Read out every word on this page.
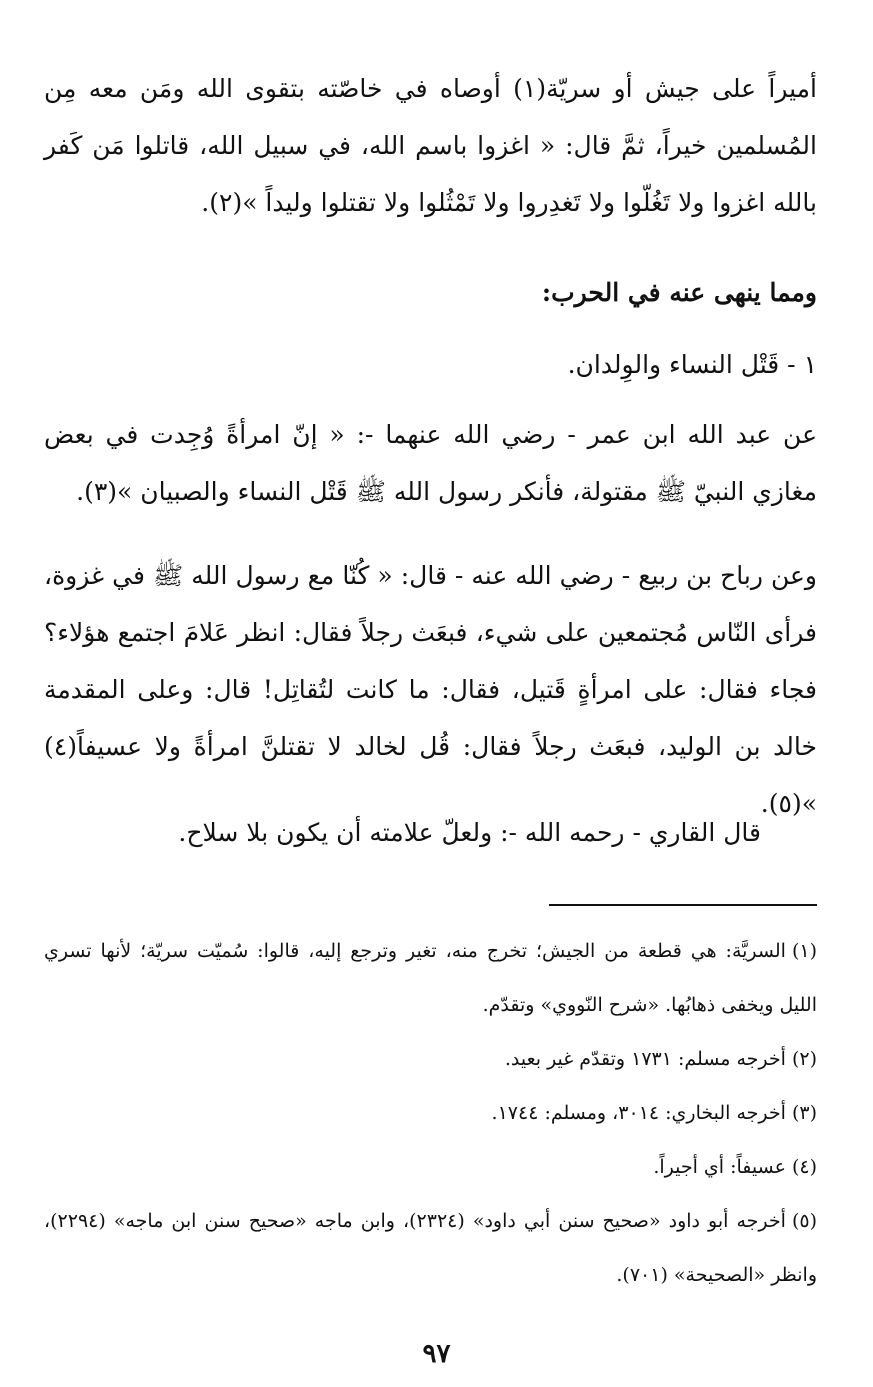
أميراً على جيش أو سريّة(١) أوصاه في خاصّته بتقوى الله ومَن معه مِن المُسلمين خيراً، ثمَّ قال: « اغزوا باسم الله، في سبيل الله، قاتلوا مَن كَفر بالله اغزوا ولا تَغُلّوا ولا تَغدِروا ولا تَمْثُلوا ولا تقتلوا وليداً »(٢).

ومما ينهى عنه في الحرب:
١ - قَتْل النساء والوِلدان.

عن عبد الله ابن عمر - رضي الله عنهما -: « إنّ امرأةً وُجِدت في بعض مغازي النبيّ ﷺ مقتولة، فأنكر رسول الله ﷺ قَتْل النساء والصبيان »(٣).

وعن رباح بن ربيع - رضي الله عنه - قال: « كُنّا مع رسول الله ﷺ في غزوة، فرأى النّاس مُجتمعين على شيء، فبعَث رجلاً فقال: انظر عَلامَ اجتمع هؤلاء؟ فجاء فقال: على امرأةٍ قَتيل، فقال: ما كانت لتُقاتِل! قال: وعلى المقدمة خالد بن الوليد، فبعَث رجلاً فقال: قُل لخالد لا تقتلنَّ امرأةً ولا عسيفاً(٤) »(٥).

قال القاري - رحمه الله -: ولعلّ علامته أن يكون بلا سلاح.

(١)السريَّة: هي قطعة من الجيش؛ تخرج منه، تغير وترجع إليه، قالوا: سُميّت سريّة؛ لأنها تسري الليل ويخفى ذهابُها. «شرح النّووي» وتقدّم.

(٢)أخرجه مسلم: ١٧٣١ وتقدّم غير بعيد.

(٣)أخرجه البخاري: ٣٠١٤، ومسلم: ١٧٤٤.

(٤)عسيفاً: أي أجيراً.

(٥)أخرجه أبو داود «صحيح سنن أبي داود» (٢٣٢٤)، وابن ماجه «صحيح سنن ابن ماجه» (٢٢٩٤)، وانظر «الصحيحة» (٧٠١).

٩٧
